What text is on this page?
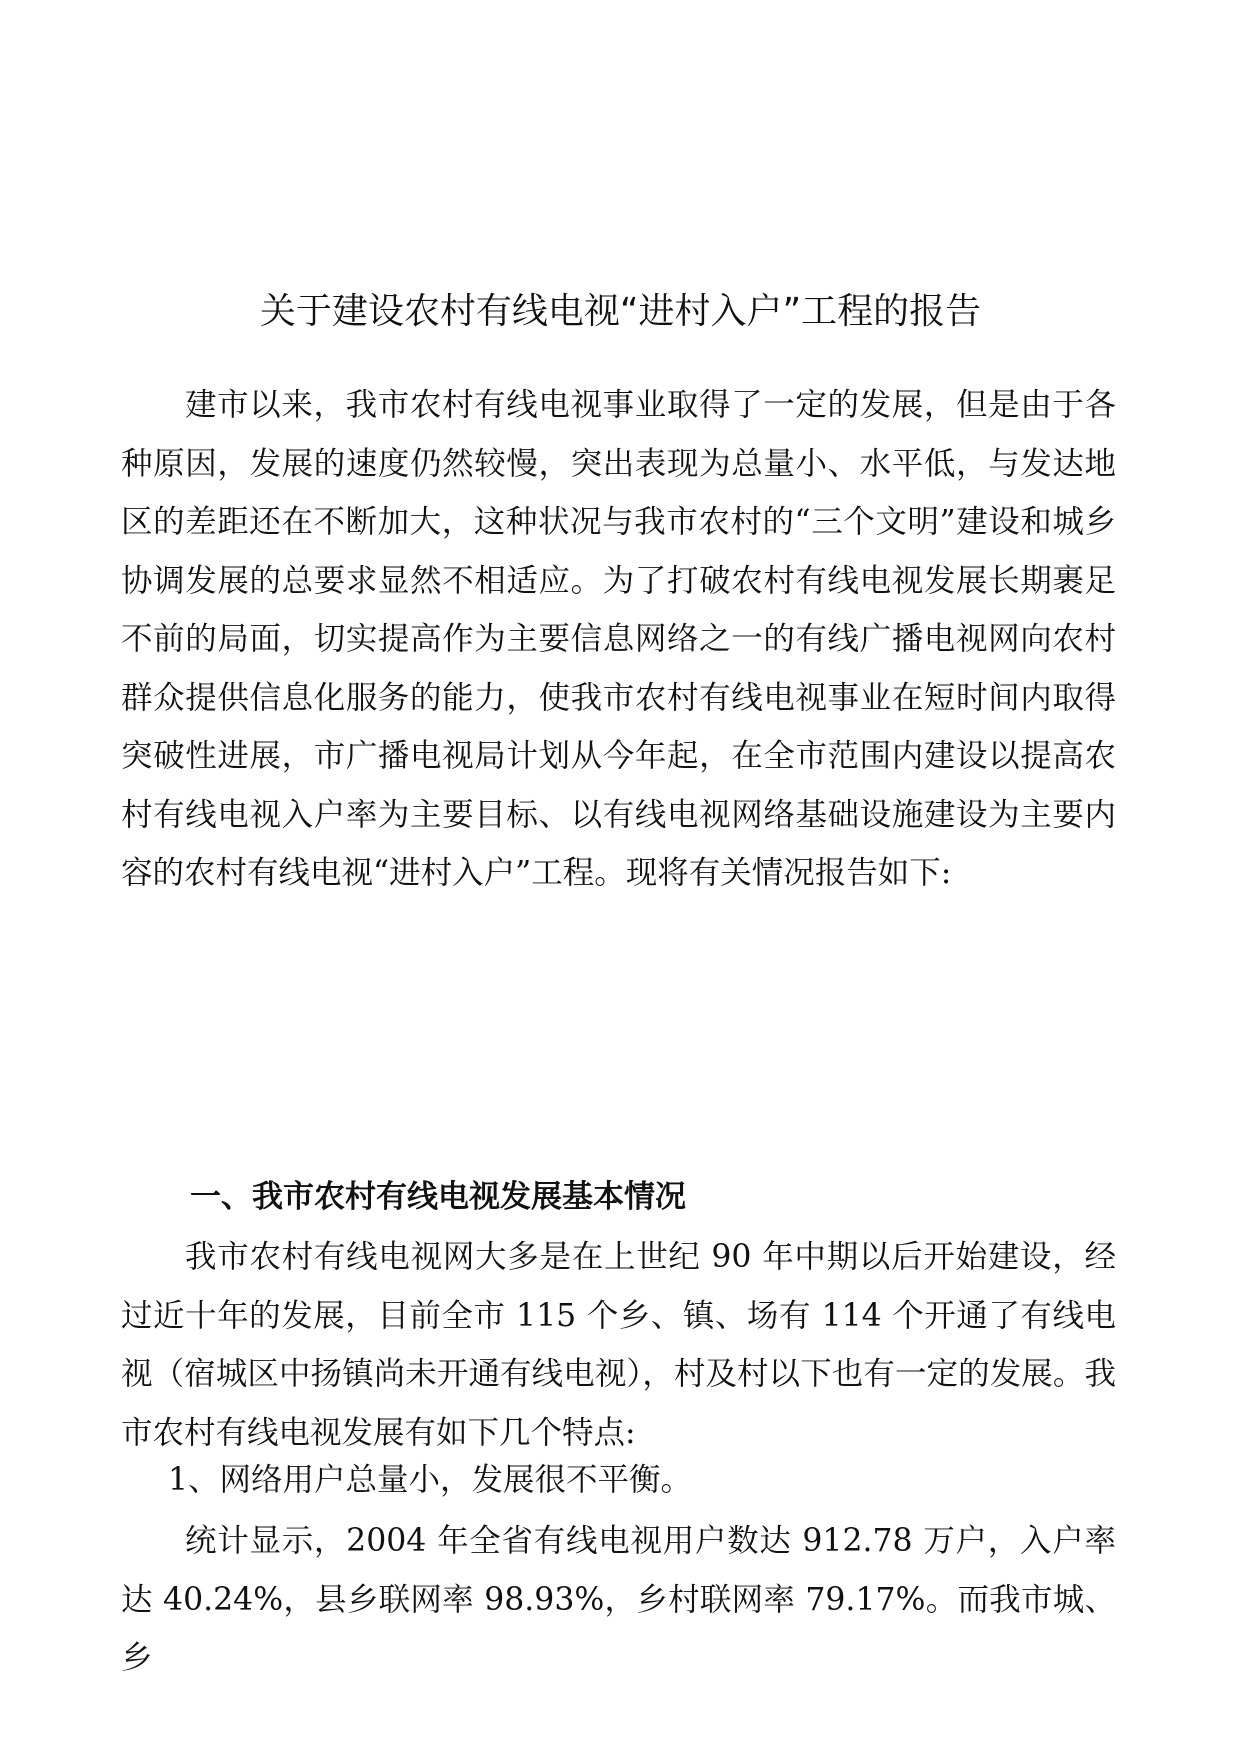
关于建设农村有线电视“进村入户”工程的报告

建市以来，我市农村有线电视事业取得了一定的发展，但是由于各种原因，发展的速度仍然较慢，突出表现为总量小、水平低，与发达地区的差距还在不断加大，这种状况与我市农村的“三个文明”建设和城乡协调发展的总要求显然不相适应。为了打破农村有线电视发展长期裹足不前的局面，切实提高作为主要信息网络之一的有线广播电视网向农村群众提供信息化服务的能力，使我市农村有线电视事业在短时间内取得突破性进展，市广播电视局计划从今年起，在全市范围内建设以提高农村有线电视入户率为主要目标、以有线电视网络基础设施建设为主要内容的农村有线电视“进村入户”工程。现将有关情况报告如下:

一、我市农村有线电视发展基本情况

我市农村有线电视网大多是在上世纪 90 年中期以后开始建设，经过近十年的发展，目前全市 115 个乡、镇、场有 114 个开通了有线电视（宿城区中扬镇尚未开通有线电视），村及村以下也有一定的发展。我市农村有线电视发展有如下几个特点:

1、网络用户总量小，发展很不平衡。

统计显示，2004 年全省有线电视用户数达 912.78 万户，入户率达 40.24%，县乡联网率 98.93%，乡村联网率 79.17%。而我市城、乡
